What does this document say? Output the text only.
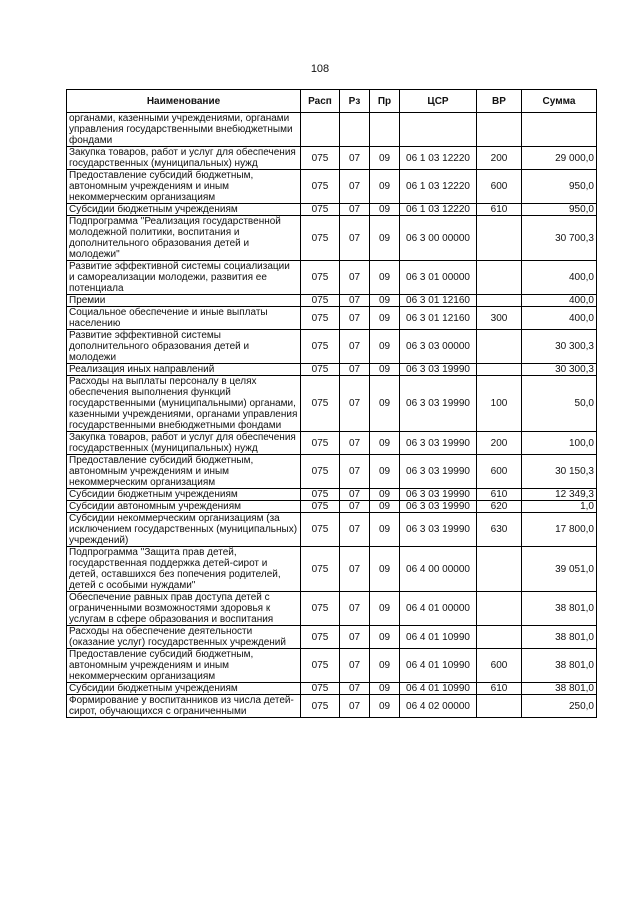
108
Наименование	Расп	Рз	Пр	ЦСР	ВР	Сумма
органами, казенными учреждениями, органами управления государственными внебюджетными фондами						
Закупка товаров, работ и услуг для обеспечения государственных (муниципальных) нужд	075	07	09	06 1 03 12220	200	29 000,0
Предоставление субсидий бюджетным, автономным учреждениям и иным некоммерческим организациям	075	07	09	06 1 03 12220	600	950,0
Субсидии бюджетным учреждениям	075	07	09	06 1 03 12220	610	950,0
Подпрограмма "Реализация государственной молодежной политики, воспитания и дополнительного образования детей и молодежи"	075	07	09	06 3 00 00000		30 700,3
Развитие эффективной системы социализации и самореализации молодежи, развития ее потенциала	075	07	09	06 3 01 00000		400,0
Премии	075	07	09	06 3 01 12160		400,0
Социальное обеспечение и иные выплаты населению	075	07	09	06 3 01 12160	300	400,0
Развитие эффективной системы дополнительного образования детей и молодежи	075	07	09	06 3 03 00000		30 300,3
Реализация иных направлений	075	07	09	06 3 03 19990		30 300,3
Расходы на выплаты персоналу в целях обеспечения выполнения функций государственными (муниципальными) органами, казенными учреждениями, органами управления государственными внебюджетными фондами	075	07	09	06 3 03 19990	100	50,0
Закупка товаров, работ и услуг для обеспечения государственных (муниципальных) нужд	075	07	09	06 3 03 19990	200	100,0
Предоставление субсидий бюджетным, автономным учреждениям и иным некоммерческим организациям	075	07	09	06 3 03 19990	600	30 150,3
Субсидии бюджетным учреждениям	075	07	09	06 3 03 19990	610	12 349,3
Субсидии автономным учреждениям	075	07	09	06 3 03 19990	620	1,0
Субсидии некоммерческим организациям (за исключением государственных (муниципальных) учреждений)	075	07	09	06 3 03 19990	630	17 800,0
Подпрограмма "Защита прав детей, государственная поддержка детей-сирот и детей, оставшихся без попечения родителей, детей с особыми нуждами"	075	07	09	06 4 00 00000		39 051,0
Обеспечение равных прав доступа детей с ограниченными возможностями здоровья к услугам в сфере образования и воспитания	075	07	09	06 4 01 00000		38 801,0
Расходы на обеспечение деятельности (оказание услуг) государственных учреждений	075	07	09	06 4 01 10990		38 801,0
Предоставление субсидий бюджетным, автономным учреждениям и иным некоммерческим организациям	075	07	09	06 4 01 10990	600	38 801,0
Субсидии бюджетным учреждениям	075	07	09	06 4 01 10990	610	38 801,0
Формирование у воспитанников из числа детей-сирот, обучающихся с ограниченными	075	07	09	06 4 02 00000		250,0
